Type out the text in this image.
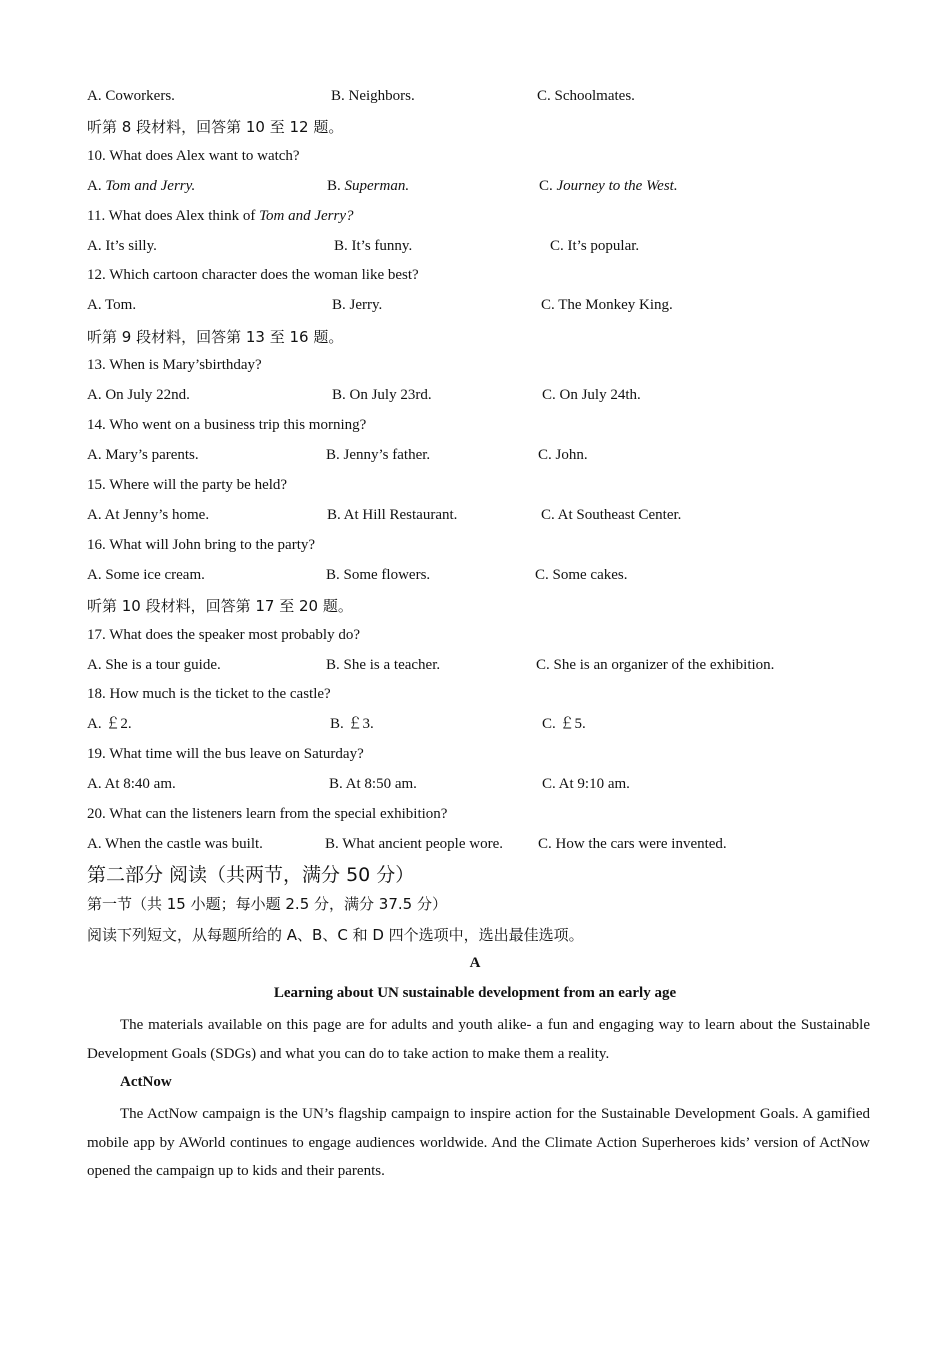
A. Coworkers.	B. Neighbors.	C. Schoolmates.
听第 8 段材料，回答第 10 至 12 题。
10. What does Alex want to watch?
A. Tom and Jerry.	B. Superman.	C. Journey to the West.
11. What does Alex think of Tom and Jerry?
A. It’s silly.	B. It’s funny.	C. It’s popular.
12. Which cartoon character does the woman like best?
A. Tom.	B. Jerry.	C. The Monkey King.
听第 9 段材料，回答第 13 至 16 题。
13. When is Mary’sbirthday?
A. On July 22nd.	B. On July 23rd.	C. On July 24th.
14. Who went on a business trip this morning?
A. Mary’s parents.	B. Jenny’s father.	C. John.
15. Where will the party be held?
A. At Jenny’s home.	B. At Hill Restaurant.	C. At Southeast Center.
16. What will John bring to the party?
A. Some ice cream.	B. Some flowers.	C. Some cakes.
听第 10 段材料，回答第 17 至 20 题。
17. What does the speaker most probably do?
A. She is a tour guide.	B. She is a teacher.	C. She is an organizer of the exhibition.
18. How much is the ticket to the castle?
A. ￡2.	B. ￡3.	C. ￡5.
19. What time will the bus leave on Saturday?
A. At 8:40 am.	B. At 8:50 am.	C. At 9:10 am.
20. What can the listeners learn from the special exhibition?
A. When the castle was built.	B. What ancient people wore. C. How the cars were invented.
第二部分 阅读（共两节，满分 50 分）
第一节（共 15 小题；每小题 2.5 分，满分 37.5 分）
阅读下列短文，从每题所给的 A、B、C 和 D 四个选项中，选出最佳选项。
A
Learning about UN sustainable development from an early age
The materials available on this page are for adults and youth alike- a fun and engaging way to learn about the Sustainable Development Goals (SDGs) and what you can do to take action to make them a reality.
ActNow
The ActNow campaign is the UN’s flagship campaign to inspire action for the Sustainable Development Goals. A gamified mobile app by AWorld continues to engage audiences worldwide. And the Climate Action Superheroes kids’ version of ActNow opened the campaign up to kids and their parents.
